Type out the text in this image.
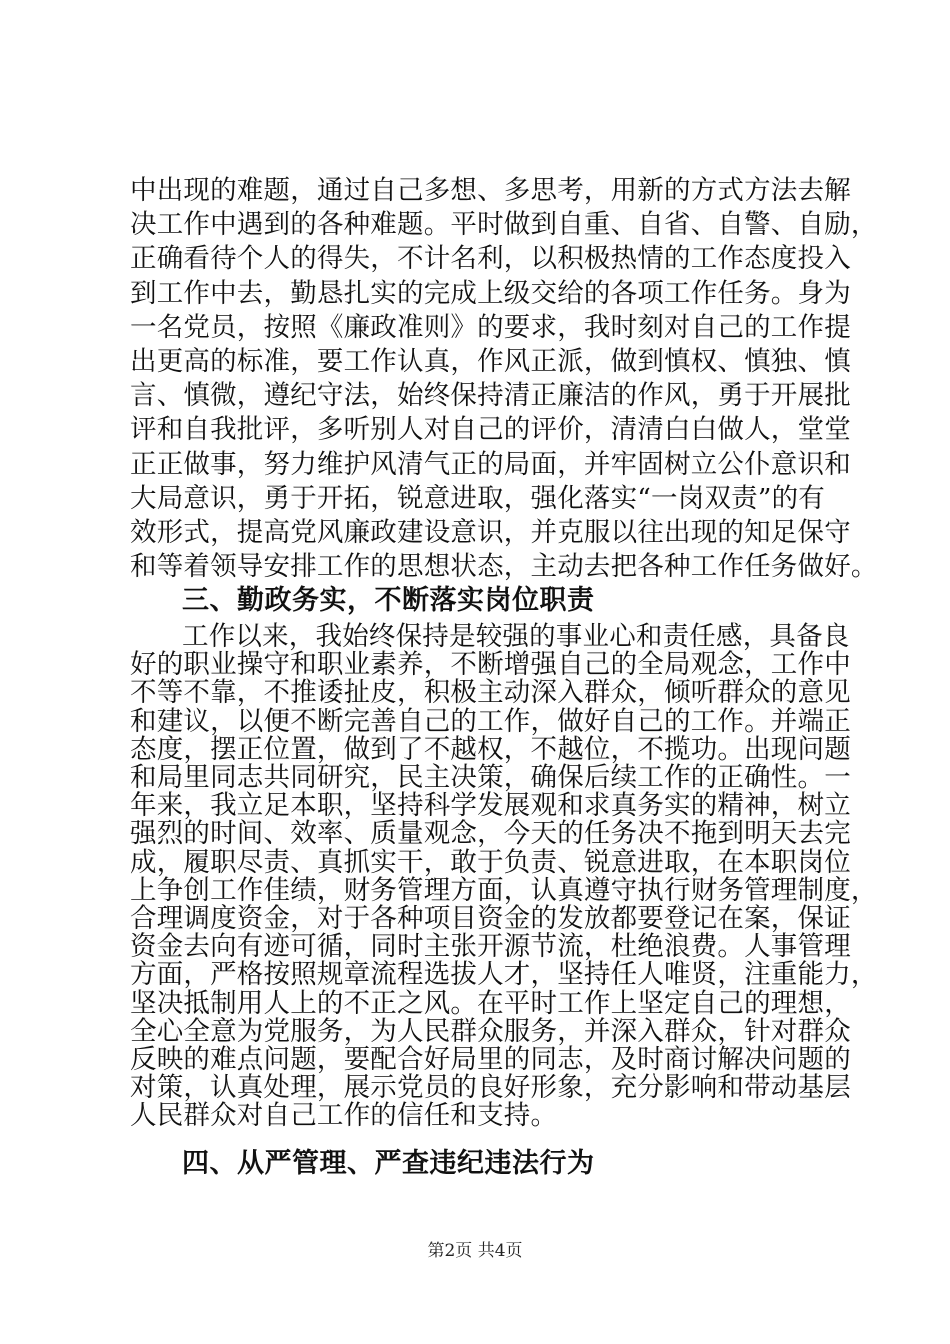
中出现的难题，通过自己多想、多思考，用新的方式方法去解
决工作中遇到的各种难题。平时做到自重、自省、自警、自励，
正确看待个人的得失，不计名利，以积极热情的工作态度投入
到工作中去，勤恳扎实的完成上级交给的各项工作任务。身为
一名党员，按照《廉政准则》的要求，我时刻对自己的工作提
出更高的标准，要工作认真，作风正派，做到慎权、慎独、慎
言、慎微，遵纪守法，始终保持清正廉洁的作风，勇于开展批
评和自我批评，多听别人对自己的评价，清清白白做人，堂堂
正正做事，努力维护风清气正的局面，并牢固树立公仆意识和
大局意识，勇于开拓，锐意进取，强化落实“一岗双责”的有
效形式，提高党风廉政建设意识，并克服以往出现的知足保守
和等着领导安排工作的思想状态，主动去把各种工作任务做好。
三、勤政务实，不断落实岗位职责
工作以来，我始终保持是较强的事业心和责任感，具备良
好的职业操守和职业素养，不断增强自己的全局观念，工作中
不等不靠，不推诿扯皮，积极主动深入群众，倾听群众的意见
和建议，以便不断完善自己的工作，做好自己的工作。并端正
态度，摆正位置，做到了不越权，不越位，不揽功。出现问题
和局里同志共同研究，民主决策，确保后续工作的正确性。一
年来，我立足本职，坚持科学发展观和求真务实的精神，树立
强烈的时间、效率、质量观念，今天的任务决不拖到明天去完
成，履职尽责、真抓实干，敢于负责、锐意进取，在本职岗位
上争创工作佳绩，财务管理方面，认真遵守执行财务管理制度，
合理调度资金，对于各种项目资金的发放都要登记在案，保证
资金去向有迹可循，同时主张开源节流，杜绝浪费。人事管理
方面，严格按照规章流程选拔人才，坚持任人唯贤，注重能力，
坚决抵制用人上的不正之风。在平时工作上坚定自己的理想，
全心全意为党服务，为人民群众服务，并深入群众，针对群众
反映的难点问题，要配合好局里的同志，及时商讨解决问题的
对策，认真处理，展示党员的良好形象，充分影响和带动基层
第2页 共4页
人民群众对自己工作的信任和支持。
四、从严管理、严查违纪违法行为
